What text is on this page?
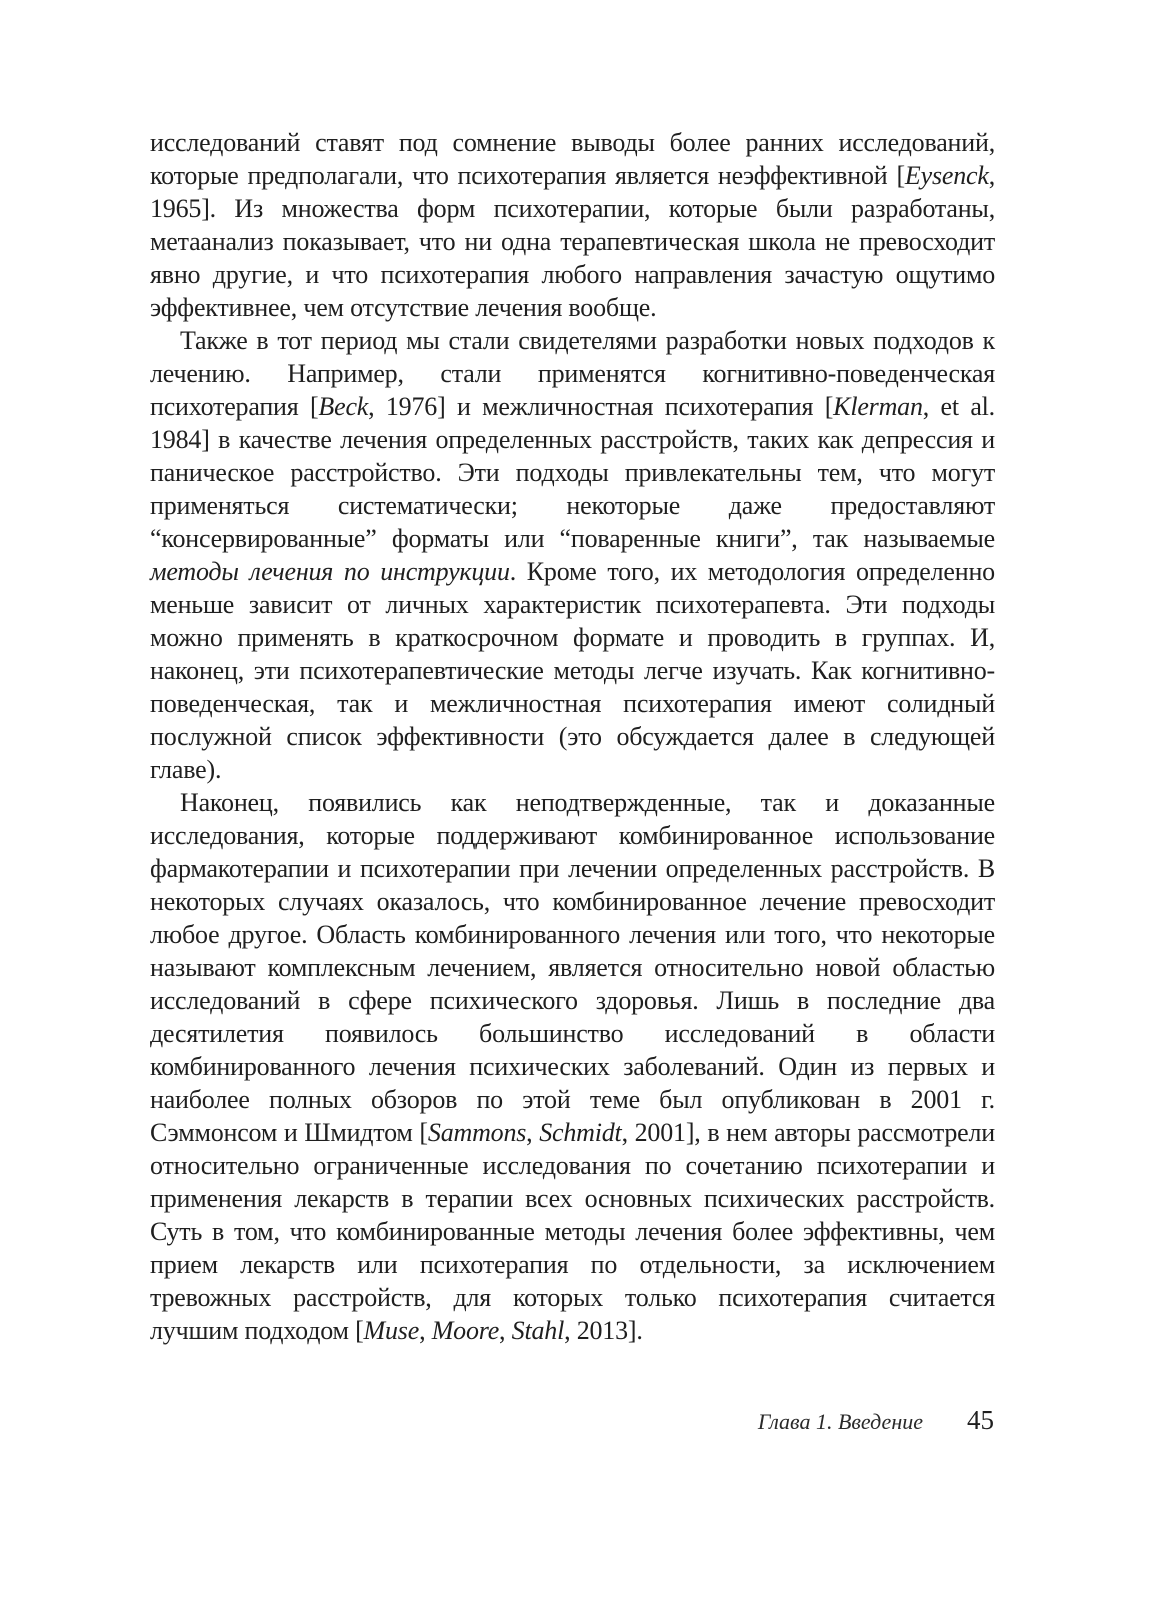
исследований ставят под сомнение выводы более ранних исследований, которые предполагали, что психотерапия является неэффективной [Eysenck, 1965]. Из множества форм психотерапии, которые были разработаны, метаанализ показывает, что ни одна терапевтическая школа не превосходит явно другие, и что психотерапия любого направления зачастую ощутимо эффективнее, чем отсутствие лечения вообще.

Также в тот период мы стали свидетелями разработки новых подходов к лечению. Например, стали применятся когнитивно-поведенческая психотерапия [Beck, 1976] и межличностная психотерапия [Klerman, et al. 1984] в качестве лечения определенных расстройств, таких как депрессия и паническое расстройство. Эти подходы привлекательны тем, что могут применяться систематически; некоторые даже предоставляют “консервированные” форматы или “поваренные книги”, так называемые методы лечения по инструкции. Кроме того, их методология определенно меньше зависит от личных характеристик психотерапевта. Эти подходы можно применять в краткосрочном формате и проводить в группах. И, наконец, эти психотерапевтические методы легче изучать. Как когнитивно-поведенческая, так и межличностная психотерапия имеют солидный послужной список эффективности (это обсуждается далее в следующей главе).

Наконец, появились как неподтвержденные, так и доказанные исследования, которые поддерживают комбинированное использование фармакотерапии и психотерапии при лечении определенных расстройств. В некоторых случаях оказалось, что комбинированное лечение превосходит любое другое. Область комбинированного лечения или того, что некоторые называют комплексным лечением, является относительно новой областью исследований в сфере психического здоровья. Лишь в последние два десятилетия появилось большинство исследований в области комбинированного лечения психических заболеваний. Один из первых и наиболее полных обзоров по этой теме был опубликован в 2001 г. Сэммонсом и Шмидтом [Sammons, Schmidt, 2001], в нем авторы рассмотрели относительно ограниченные исследования по сочетанию психотерапии и применения лекарств в терапии всех основных психических расстройств. Суть в том, что комбинированные методы лечения более эффективны, чем прием лекарств или психотерапия по отдельности, за исключением тревожных расстройств, для которых только психотерапия считается лучшим подходом [Muse, Moore, Stahl, 2013].

Глава 1. Введение 45
